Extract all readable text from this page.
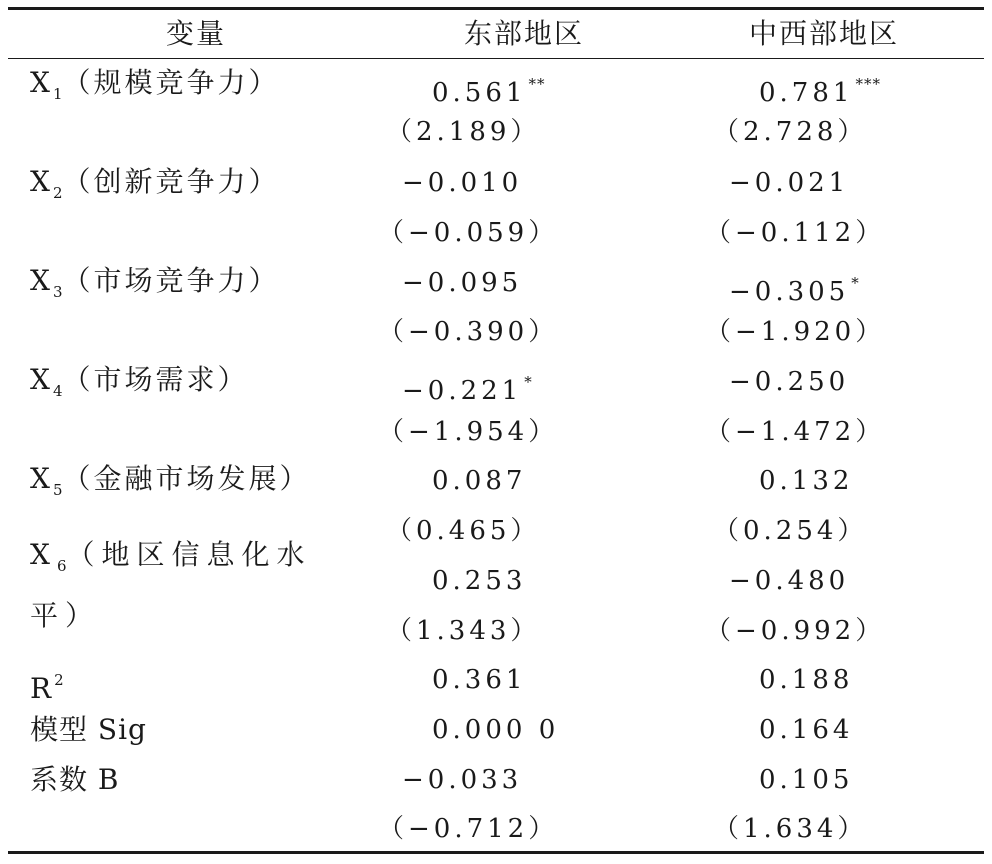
变量	东部地区	中西部地区
$X_1$（规模竞争力）
$X_2$（创新竞争力）
$X_3$（市场竞争力）
$X_4$（市场需求）
$X_5$（金融市场发展）
$X_6$（地区信息化水平）
$R^2$
模型 Sig
系数 B
0.561 **
（2.189）
−0.010
（−0.059）
−0.095
（−0.390）
−0.221 *
（−1.954）
0.087
（0.465）
0.253
（1.343）
0.361
0.000 0
−0.033
（−0.712）
0.781 ***
（2.728）
−0.021
（−0.112）
−0.305 *
（−1.920）
−0.250
（−1.472）
0.132
（0.254）
−0.480
（−0.992）
0.188
0.164
0.105
（1.634）
